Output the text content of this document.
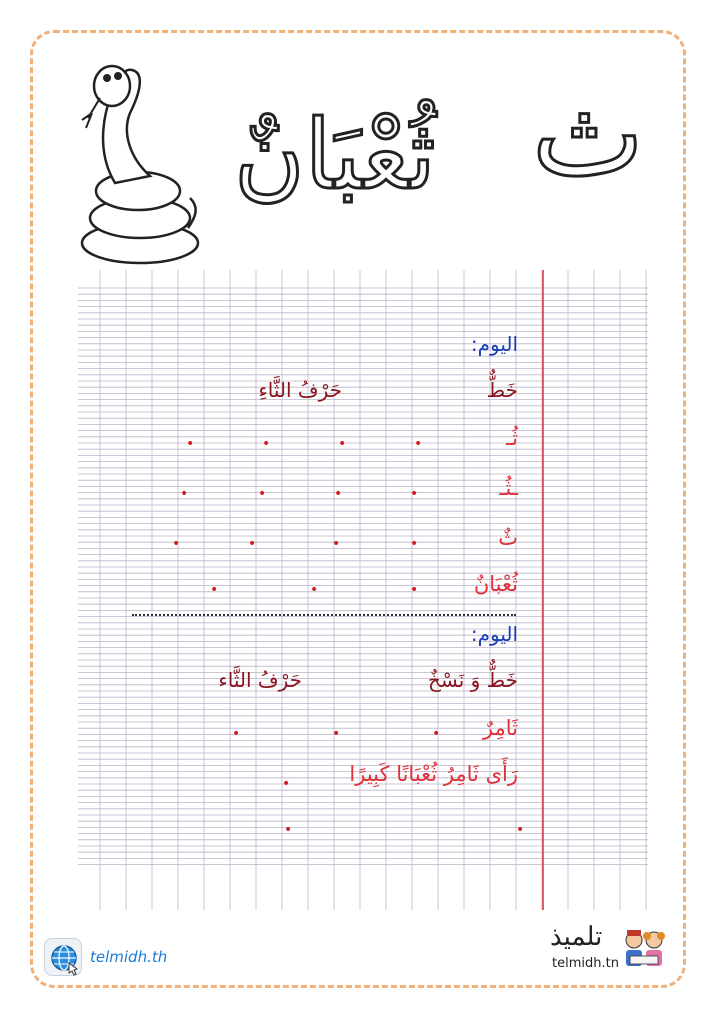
ثُعْبَانٌ ث
اليوم:
خَطٌّ
حَرْفُ الثَّاءِ
ثُـ
ـثُـ
ثٌ
ثُعْبَانٌ
•	•	•	•
•	•	•	•
•	•	•	•
•	•	•
اليوم:
خَطٌّ وَ نَسْخٌ
حَرْفُ الثَّاء
ثَامِرٌ
رَأَى ثَامِرُ ثُعْبَانًا كَبِيرًا
•	•	•
•
•	•
telmidh.th
تلميذ
telmidh.tn
